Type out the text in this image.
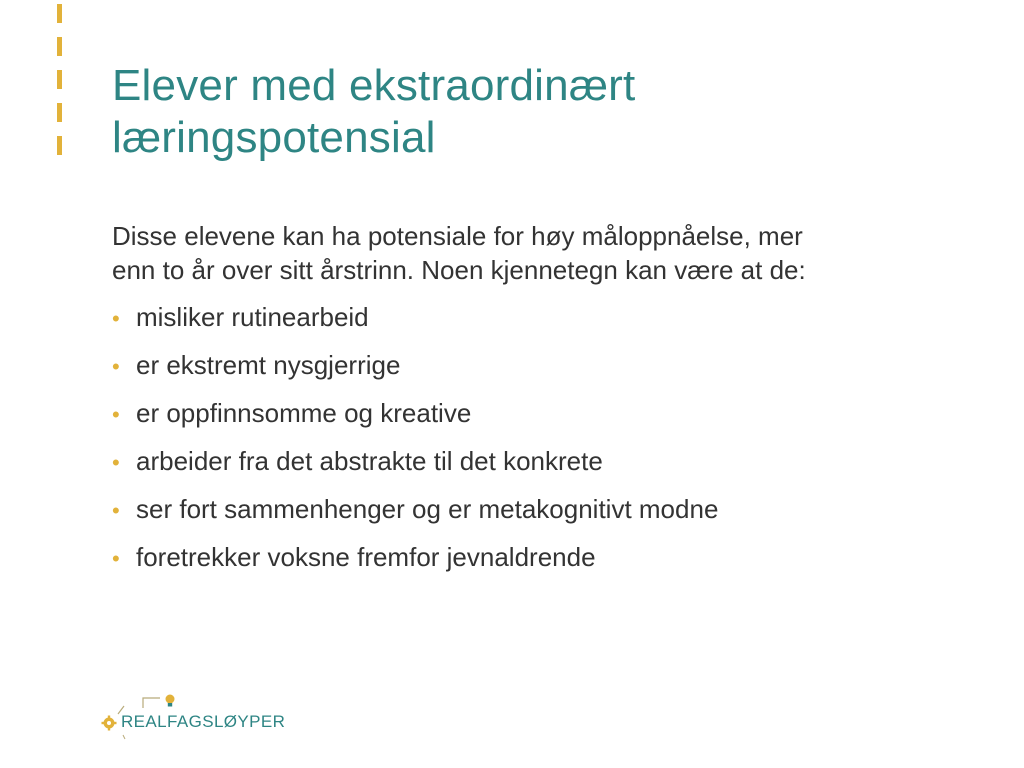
Elever med ekstraordinært
læringspotensial

Disse elevene kan ha potensiale for høy måloppnåelse, mer
enn to år over sitt årstrinn. Noen kjennetegn kan være at de:

• misliker rutinearbeid
• er ekstremt nysgjerrige
• er oppfinnsomme og kreative
• arbeider fra det abstrakte til det konkrete
• ser fort sammenhenger og er metakognitivt modne
• foretrekker voksne fremfor jevnaldrende
REALFAGSLØYPER
